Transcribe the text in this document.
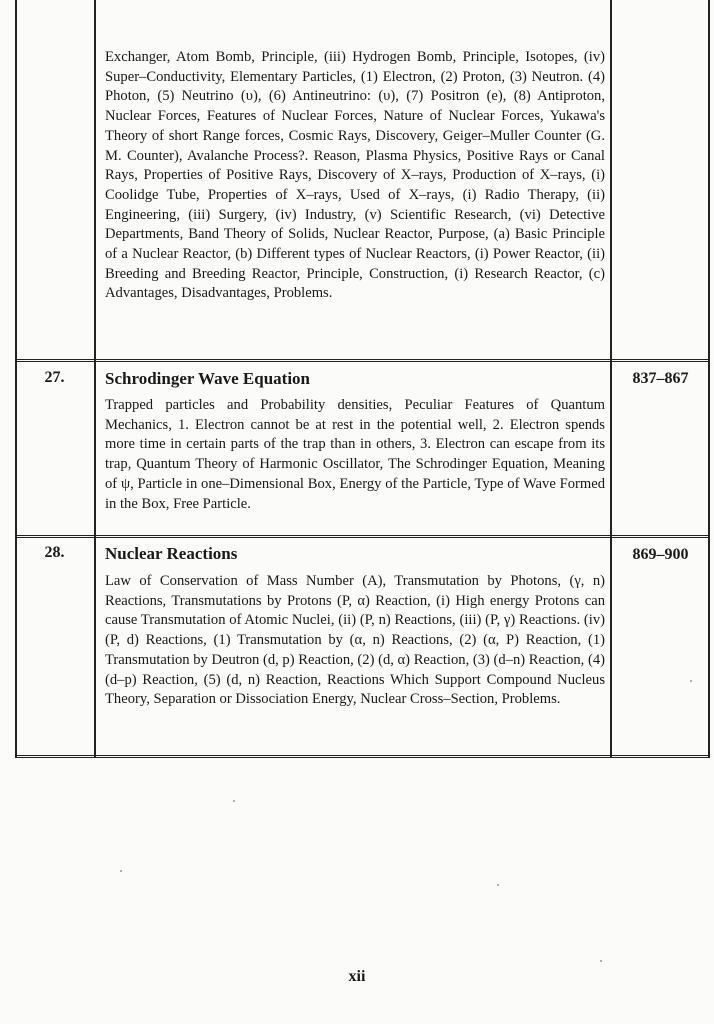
Exchanger, Atom Bomb, Principle, (iii) Hydrogen Bomb, Principle, Isotopes, (iv) Super–Conductivity, Elementary Particles, (1) Electron, (2) Proton, (3) Neutron. (4) Photon, (5) Neutrino (υ), (6) Antineutrino: (υ), (7) Positron (e), (8) Antiproton, Nuclear Forces, Features of Nuclear Forces, Nature of Nuclear Forces, Yukawa's Theory of short Range forces, Cosmic Rays, Discovery, Geiger–Muller Counter (G. M. Counter), Avalanche Process?. Reason, Plasma Physics, Positive Rays or Canal Rays, Properties of Positive Rays, Discovery of X–rays, Production of X–rays, (i) Coolidge Tube, Properties of X–rays, Used of X–rays, (i) Radio Therapy, (ii) Engineering, (iii) Surgery, (iv) Industry, (v) Scientific Research, (vi) Detective Departments, Band Theory of Solids, Nuclear Reactor, Purpose, (a) Basic Principle of a Nuclear Reactor, (b) Different types of Nuclear Reactors, (i) Power Reactor, (ii) Breeding and Breeding Reactor, Principle, Construction, (i) Research Reactor, (c) Advantages, Disadvantages, Problems.
27.	Schrodinger Wave Equation	837–867
Trapped particles and Probability densities, Peculiar Features of Quantum Mechanics, 1. Electron cannot be at rest in the potential well, 2. Electron spends more time in certain parts of the trap than in others, 3. Electron can escape from its trap, Quantum Theory of Harmonic Oscillator, The Schrodinger Equation, Meaning of ψ, Particle in one–Dimensional Box, Energy of the Particle, Type of Wave Formed in the Box, Free Particle.
28.	Nuclear Reactions	869–900
Law of Conservation of Mass Number (A), Transmutation by Photons, (γ, n) Reactions, Transmutations by Protons (P, α) Reaction, (i) High energy Protons can cause Transmutation of Atomic Nuclei, (ii) (P, n) Reactions, (iii) (P, γ) Reactions. (iv) (P, d) Reactions, (1) Transmutation by (α, n) Reactions, (2) (α, P) Reaction, (1) Transmutation by Deutron (d, p) Reaction, (2) (d, α) Reaction, (3) (d–n) Reaction, (4) (d–p) Reaction, (5) (d, n) Reaction, Reactions Which Support Compound Nucleus Theory, Separation or Dissociation Energy, Nuclear Cross–Section, Problems.
xii
